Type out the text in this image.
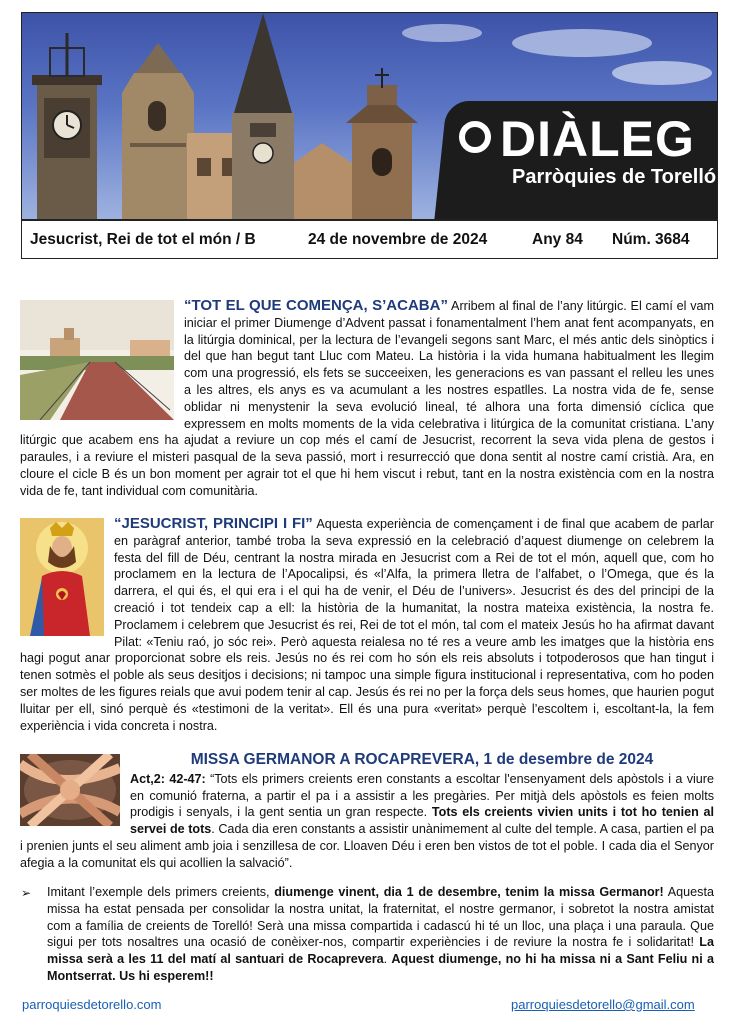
DIÀLEG
Parròquies de Torelló
Jesucrist, Rei de tot el món / B	24 de novembre de 2024	Any 84 Núm. 3684

“TOT EL QUE COMENÇA, S’ACABA” Arribem al final de l’any litúrgic. El camí el vam iniciar el primer Diumenge d’Advent passat i fonamentalment l’hem anat fent acompanyats, en la litúrgia dominical, per la lectura de l’evangeli segons sant Marc, el més antic dels sinòptics i del que han begut tant Lluc com Mateu. La història i la vida humana habitualment les llegim com una progressió, els fets se succeeixen, les generacions es van passant el relleu les unes a les altres, els anys es va acumulant a les nostres espatlles. La nostra vida de fe, sense oblidar ni menystenir la seva evolució lineal, té alhora una forta dimensió cíclica que expressem en molts moments de la vida celebrativa i litúrgica de la comunitat cristiana. L’any litúrgic que acabem ens ha ajudat a reviure un cop més el camí de Jesucrist, recorrent la seva vida plena de gestos i paraules, i a reviure el misteri pasqual de la seva passió, mort i resurrecció que dona sentit al nostre camí cristià. Ara, en cloure el cicle B és un bon moment per agrair tot el que hi hem viscut i rebut, tant en la nostra existència com en la nostra vida de fe, tant individual com comunitària.

“JESUCRIST, PRINCIPI I FI” Aquesta experiència de començament i de final que acabem de parlar en paràgraf anterior, també troba la seva expressió en la celebració d’aquest diumenge on celebrem la festa del fill de Déu, centrant la nostra mirada en Jesucrist com a Rei de tot el món, aquell que, com ho proclamem en la lectura de l’Apocalipsi, és «l’Alfa, la primera lletra de l’alfabet, o l’Omega, que és la darrera, el qui és, el qui era i el qui ha de venir, el Déu de l’univers». Jesucrist és des del principi de la creació i tot tendeix cap a ell: la història de la humanitat, la nostra mateixa existència, la nostra fe. Proclamem i celebrem que Jesucrist és rei, Rei de tot el món, tal com el mateix Jesús ho ha afirmat davant Pilat: «Teniu raó, jo sóc rei». Però aquesta reialesa no té res a veure amb les imatges que la història ens hagi pogut anar proporcionat sobre els reis. Jesús no és rei com ho són els reis absoluts i totpoderosos que han tingut i tenen sotmès el poble als seus desitjos i decisions; ni tampoc una simple figura institucional i representativa, com ho poden ser moltes de les figures reials que avui podem tenir al cap. Jesús és rei no per la força dels seus homes, que haurien pogut lluitar per ell, sinó perquè és «testimoni de la veritat». Ell és una pura «veritat» perquè l’escoltem i, escoltant-la, la fem experiència i vida concreta i nostra.

MISSA GERMANOR A ROCAPREVERA, 1 de desembre de 2024

Act,2: 42-47: “Tots els primers creients eren constants a escoltar l'ensenyament dels apòstols i a viure en comunió fraterna, a partir el pa i a assistir a les pregàries. Per mitjà dels apòstols es feien molts prodigis i senyals, i la gent sentia un gran respecte. Tots els creients vivien units i tot ho tenien al servei de tots. Cada dia eren constants a assistir unànimement al culte del temple. A casa, partien el pa i prenien junts el seu aliment amb joia i senzillesa de cor. Lloaven Déu i eren ben vistos de tot el poble. I cada dia el Senyor afegia a la comunitat els qui acollien la salvació”.

➢ Imitant l’exemple dels primers creients, diumenge vinent, dia 1 de desembre, tenim la missa Germanor! Aquesta missa ha estat pensada per consolidar la nostra unitat, la fraternitat, el nostre germanor, i sobretot la nostra amistat com a família de creients de Torelló! Serà una missa compartida i cadascú hi té un lloc, una plaça i una paraula. Que sigui per tots nosaltres una ocasió de conèixer-nos, compartir experiències i de reviure la nostra fe i solidaritat! La missa serà a les 11 del matí al santuari de Rocaprevera. Aquest diumenge, no hi ha missa ni a Sant Feliu ni a Montserrat. Us hi esperem!!
parroquiesdetorello.com	parroquiesdetorello@gmail.com
